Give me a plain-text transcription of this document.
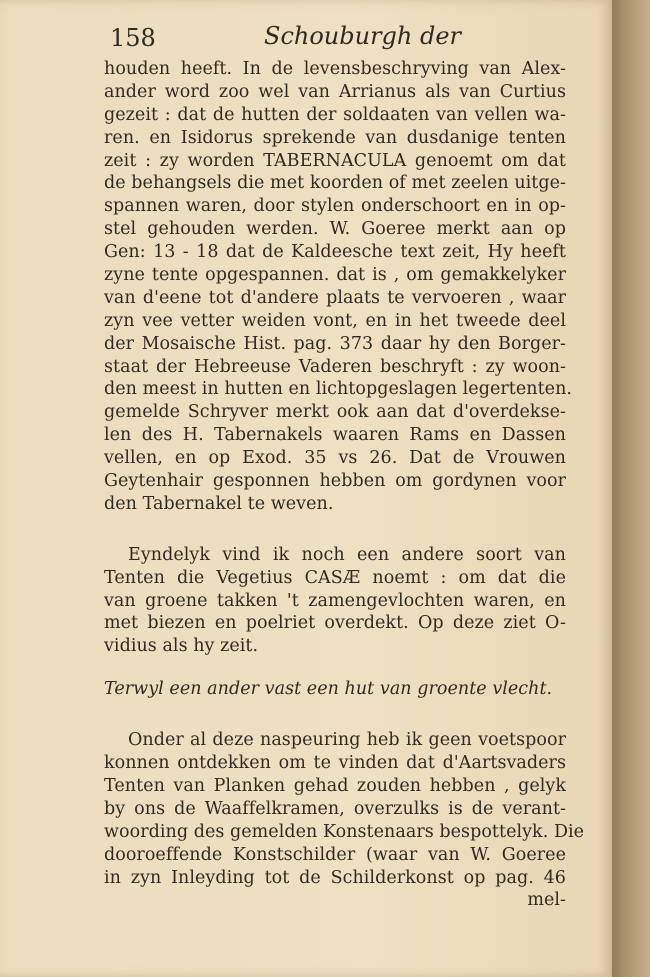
158	Schouburgh der
houden heeft. In de levensbeschryving van Alex-
ander word zoo wel van Arrianus als van Curtius
gezeit : dat de hutten der soldaaten van vellen wa-
ren. en Isidorus sprekende van dusdanige tenten
zeit : zy worden TABERNACULA genoemt om dat
de behangsels die met koorden of met zeelen uitge-
spannen waren, door stylen onderschoort en in op-
stel gehouden werden. W. Goeree merkt aan op
Gen: 13 - 18 dat de Kaldeesche text zeit, Hy heeft
zyne tente opgespannen. dat is , om gemakkelyker
van d'eene tot d'andere plaats te vervoeren , waar
zyn vee vetter weiden vont, en in het tweede deel
der Mosaische Hist. pag. 373 daar hy den Borger-
staat der Hebreeuse Vaderen beschryft : zy woon-
den meest in hutten en lichtopgeslagen legertenten.
gemelde Schryver merkt ook aan dat d'overdekse-
len des H. Tabernakels waaren Rams en Dassen
vellen, en op Exod. 35 vs 26. Dat de Vrouwen
Geytenhair gesponnen hebben om gordynen voor
den Tabernakel te weven.
Eyndelyk vind ik noch een andere soort van
Tenten die Vegetius CASÆ noemt : om dat die
van groene takken 't zamengevlochten waren, en
met biezen en poelriet overdekt. Op deze ziet O-
vidius als hy zeit.
Terwyl een ander vast een hut van groente vlecht.
Onder al deze naspeuring heb ik geen voetspoor
konnen ontdekken om te vinden dat d'Aartsvaders
Tenten van Planken gehad zouden hebben , gelyk
by ons de Waaffelkramen, overzulks is de verant-
woording des gemelden Konstenaars bespottelyk. Die
dooroeffende Konstschilder (waar van W. Goeree
in zyn Inleyding tot de Schilderkonst op pag. 46
mel-
